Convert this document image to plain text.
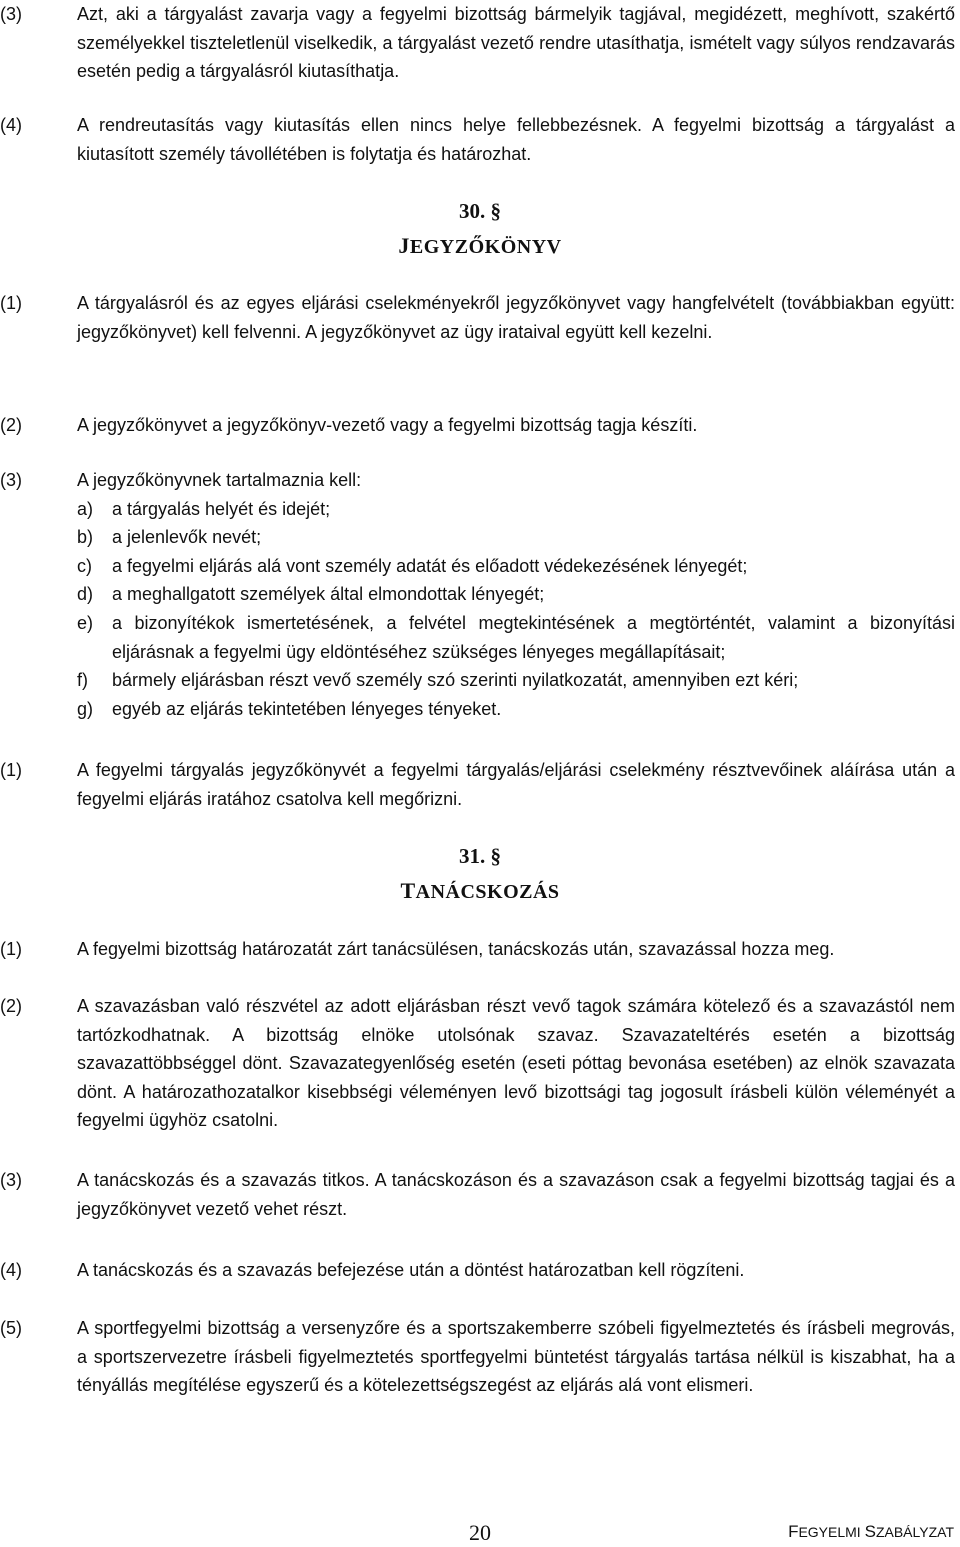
(3)	Azt, aki a tárgyalást zavarja vagy a fegyelmi bizottság bármelyik tagjával, megidézett, meghívott, szakértő személyekkel tiszteletlenül viselkedik, a tárgyalást vezető rendre utasíthatja, ismételt vagy súlyos rendzavarás esetén pedig a tárgyalásról kiutasíthatja.
(4)	A rendreutasítás vagy kiutasítás ellen nincs helye fellebbezésnek. A fegyelmi bizottság a tárgyalást a kiutasított személy távollétében is folytatja és határozhat.
30. §
JEGYZŐKÖNYV
(1)	A tárgyalásról és az egyes eljárási cselekményekről jegyzőkönyvet vagy hangfelvételt (továbbiakban együtt: jegyzőkönyvet) kell felvenni. A jegyzőkönyvet az ügy irataival együtt kell kezelni.
(2)	A jegyzőkönyvet a jegyzőkönyv-vezető vagy a fegyelmi bizottság tagja készíti.
(3)	A jegyzőkönyvnek tartalmaznia kell:
a) a tárgyalás helyét és idejét;
b) a jelenlevők nevét;
c) a fegyelmi eljárás alá vont személy adatát és előadott védekezésének lényegét;
d) a meghallgatott személyek által elmondottak lényegét;
e) a bizonyítékok ismertetésének, a felvétel megtekintésének a megtörténtét, valamint a bizonyítási eljárásnak a fegyelmi ügy eldöntéséhez szükséges lényeges megállapításait;
f) bármely eljárásban részt vevő személy szó szerinti nyilatkozatát, amennyiben ezt kéri;
g) egyéb az eljárás tekintetében lényeges tényeket.
(1)	A fegyelmi tárgyalás jegyzőkönyvét a fegyelmi tárgyalás/eljárási cselekmény résztvevőinek aláírása után a fegyelmi eljárás iratához csatolva kell megőrizni.
31. §
TANÁCSKOZÁS
(1)	A fegyelmi bizottság határozatát zárt tanácsülésen, tanácskozás után, szavazással hozza meg.
(2)	A szavazásban való részvétel az adott eljárásban részt vevő tagok számára kötelező és a szavazástól nem tartózkodhatnak. A bizottság elnöke utolsónak szavaz. Szavazateltérés esetén a bizottság szavazattöbbséggel dönt. Szavazategyenlőség esetén (eseti póttag bevonása esetében) az elnök szavazata dönt. A határozathozatalkor kisebbségi véleményen levő bizottsági tag jogosult írásbeli külön véleményét a fegyelmi ügyhöz csatolni.
(3)	A tanácskozás és a szavazás titkos. A tanácskozáson és a szavazáson csak a fegyelmi bizottság tagjai és a jegyzőkönyvet vezető vehet részt.
(4)	A tanácskozás és a szavazás befejezése után a döntést határozatban kell rögzíteni.
(5)	A sportfegyelmi bizottság a versenyzőre és a sportszakemberre szóbeli figyelmeztetés és írásbeli megrovás, a sportszervezetre írásbeli figyelmeztetés sportfegyelmi büntetést tárgyalás tartása nélkül is kiszabhat, ha a tényállás megítélése egyszerű és a kötelezettségszegést az eljárás alá vont elismeri.
20	FEGYELMI SZABÁLYZAT
